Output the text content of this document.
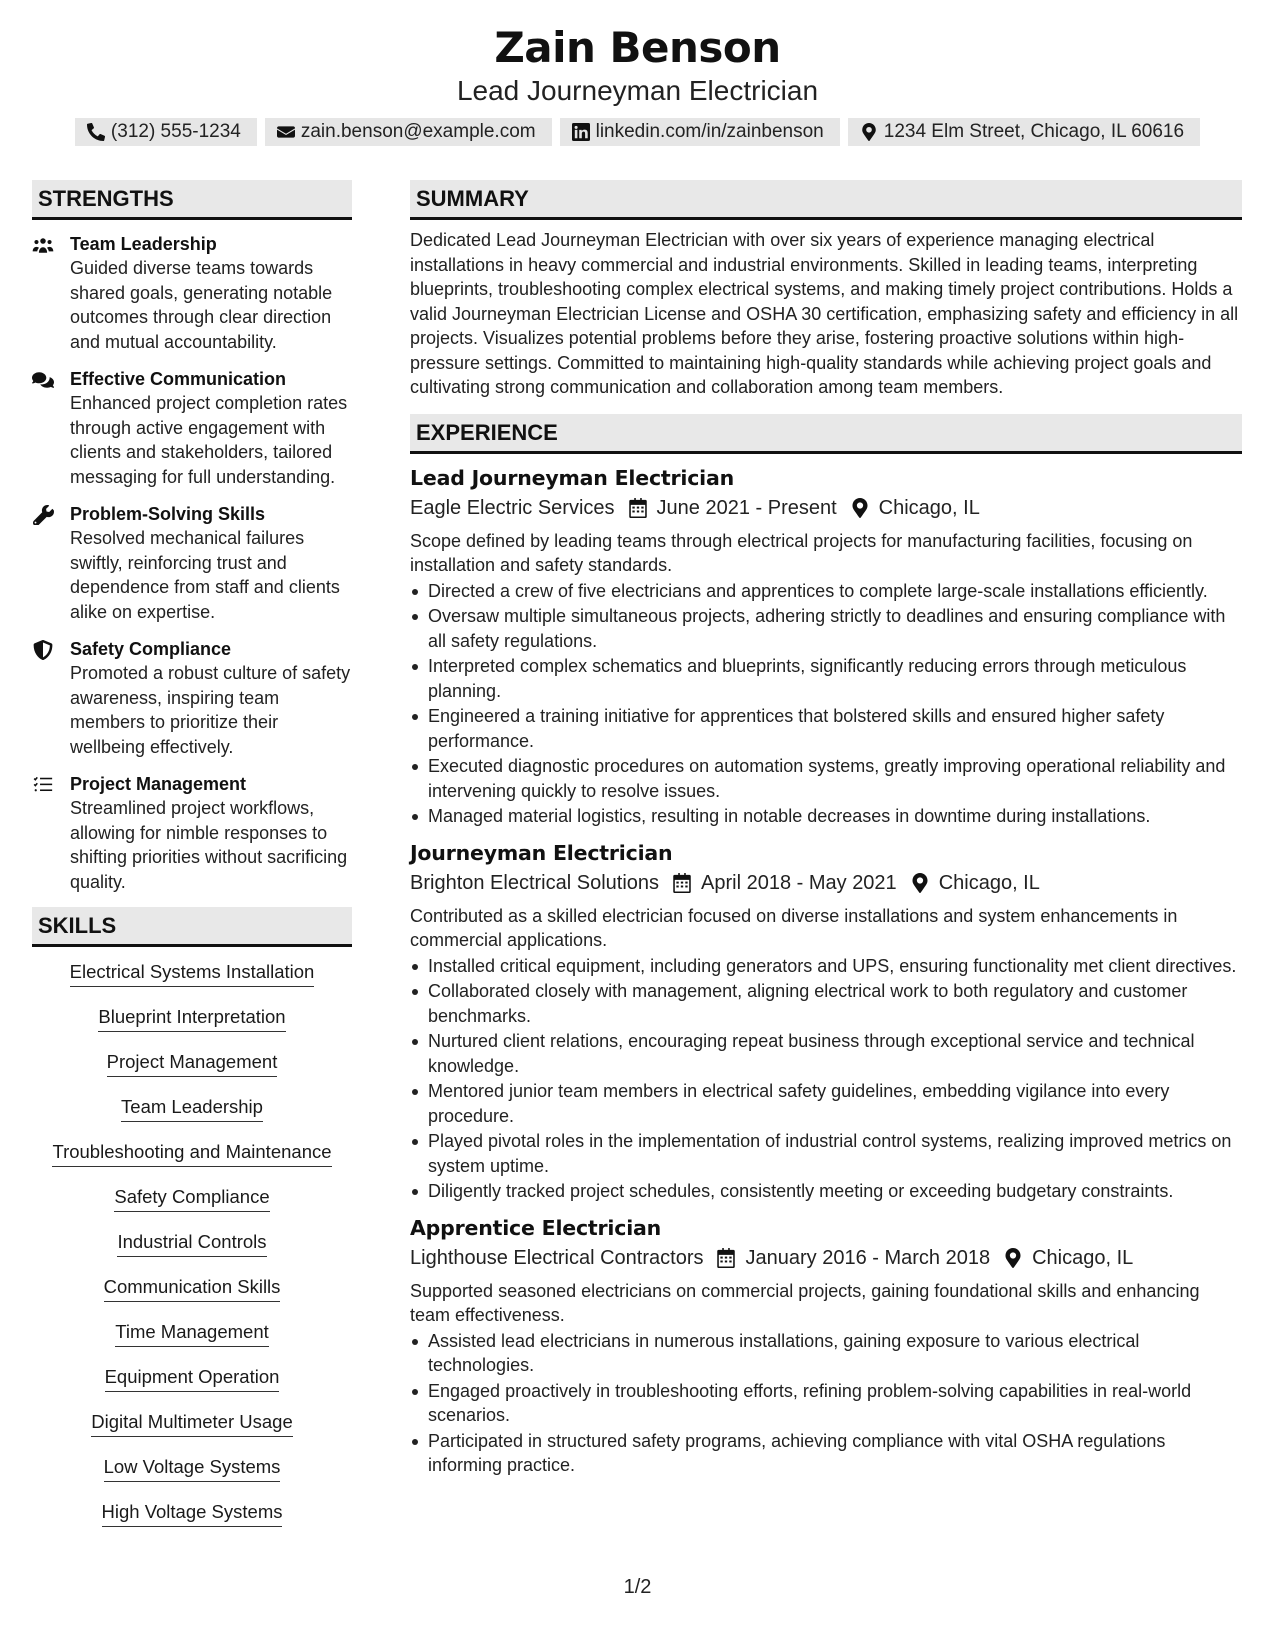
Zain Benson
Lead Journeyman Electrician
(312) 555-1234	zain.benson@example.com	linkedin.com/in/zainbenson	1234 Elm Street, Chicago, IL 60616
STRENGTHS
Team Leadership
Guided diverse teams towards shared goals, generating notable outcomes through clear direction and mutual accountability.
Effective Communication
Enhanced project completion rates through active engagement with clients and stakeholders, tailored messaging for full understanding.
Problem-Solving Skills
Resolved mechanical failures swiftly, reinforcing trust and dependence from staff and clients alike on expertise.
Safety Compliance
Promoted a robust culture of safety awareness, inspiring team members to prioritize their wellbeing effectively.
Project Management
Streamlined project workflows, allowing for nimble responses to shifting priorities without sacrificing quality.
SKILLS
Electrical Systems Installation
Blueprint Interpretation
Project Management
Team Leadership
Troubleshooting and Maintenance
Safety Compliance
Industrial Controls
Communication Skills
Time Management
Equipment Operation
Digital Multimeter Usage
Low Voltage Systems
High Voltage Systems
SUMMARY
Dedicated Lead Journeyman Electrician with over six years of experience managing electrical installations in heavy commercial and industrial environments. Skilled in leading teams, interpreting blueprints, troubleshooting complex electrical systems, and making timely project contributions. Holds a valid Journeyman Electrician License and OSHA 30 certification, emphasizing safety and efficiency in all projects. Visualizes potential problems before they arise, fostering proactive solutions within high-pressure settings. Committed to maintaining high-quality standards while achieving project goals and cultivating strong communication and collaboration among team members.
EXPERIENCE
Lead Journeyman Electrician
Eagle Electric Services June 2021 - Present Chicago, IL
Scope defined by leading teams through electrical projects for manufacturing facilities, focusing on installation and safety standards.
Directed a crew of five electricians and apprentices to complete large-scale installations efficiently.
Oversaw multiple simultaneous projects, adhering strictly to deadlines and ensuring compliance with all safety regulations.
Interpreted complex schematics and blueprints, significantly reducing errors through meticulous planning.
Engineered a training initiative for apprentices that bolstered skills and ensured higher safety performance.
Executed diagnostic procedures on automation systems, greatly improving operational reliability and intervening quickly to resolve issues.
Managed material logistics, resulting in notable decreases in downtime during installations.
Journeyman Electrician
Brighton Electrical Solutions April 2018 - May 2021 Chicago, IL
Contributed as a skilled electrician focused on diverse installations and system enhancements in commercial applications.
Installed critical equipment, including generators and UPS, ensuring functionality met client directives.
Collaborated closely with management, aligning electrical work to both regulatory and customer benchmarks.
Nurtured client relations, encouraging repeat business through exceptional service and technical knowledge.
Mentored junior team members in electrical safety guidelines, embedding vigilance into every procedure.
Played pivotal roles in the implementation of industrial control systems, realizing improved metrics on system uptime.
Diligently tracked project schedules, consistently meeting or exceeding budgetary constraints.
Apprentice Electrician
Lighthouse Electrical Contractors January 2016 - March 2018 Chicago, IL
Supported seasoned electricians on commercial projects, gaining foundational skills and enhancing team effectiveness.
Assisted lead electricians in numerous installations, gaining exposure to various electrical technologies.
Engaged proactively in troubleshooting efforts, refining problem-solving capabilities in real-world scenarios.
Participated in structured safety programs, achieving compliance with vital OSHA regulations informing practice.
1/2
